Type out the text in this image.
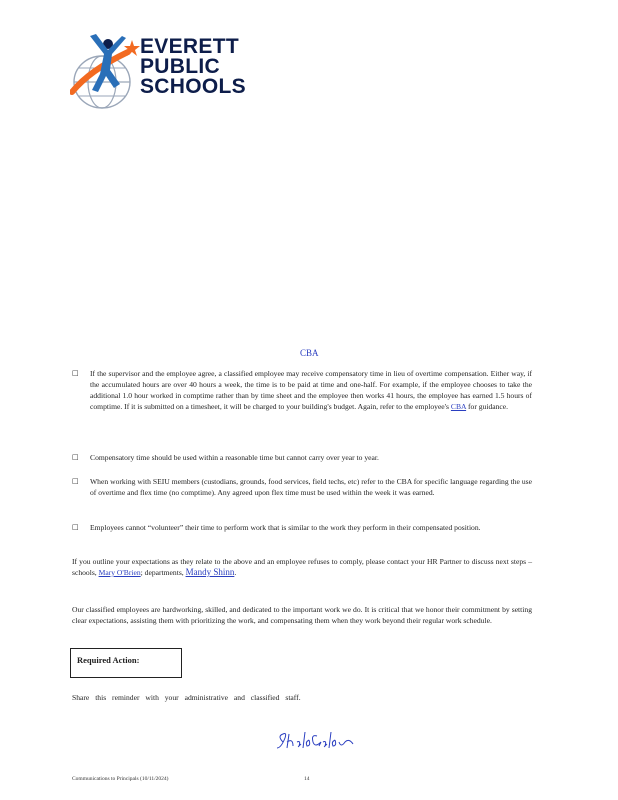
EVERETT
PUBLIC
SCHOOLS
CBA
□	If the supervisor and the employee agree, a classified employee may receive compensatory time in lieu of overtime compensation. Either way, if the accumulated hours are over 40 hours a week, the time is to be paid at time and one-half. For example, if the employee chooses to take the additional 1.0 hour worked in comptime rather than by time sheet and the employee then works 41 hours, the employee has earned 1.5 hours of comptime. If it is submitted on a timesheet, it will be charged to your building's budget. Again, refer to the employee's CBA for guidance.
□	Compensatory time should be used within a reasonable time but cannot carry over year to year.
□	When working with SEIU members (custodians, grounds, food services, field techs, etc) refer to the CBA for specific language regarding the use of overtime and flex time (no comptime). Any agreed upon flex time must be used within the week it was earned.
□	Employees cannot “volunteer” their time to perform work that is similar to the work they perform in their compensated position.
If you outline your expectations as they relate to the above and an employee refuses to comply, please contact your HR Partner to discuss next steps – schools, Mary O'Brien; departments, Mandy Shinn.
Our classified employees are hardworking, skilled, and dedicated to the important work we do. It is critical that we honor their commitment by setting clear expectations, assisting them with prioritizing the work, and compensating them when they work beyond their regular work schedule.
Required Action:
Share this reminder with your administrative and classified staff.
Communications to Principals (10/11/2024)	14
